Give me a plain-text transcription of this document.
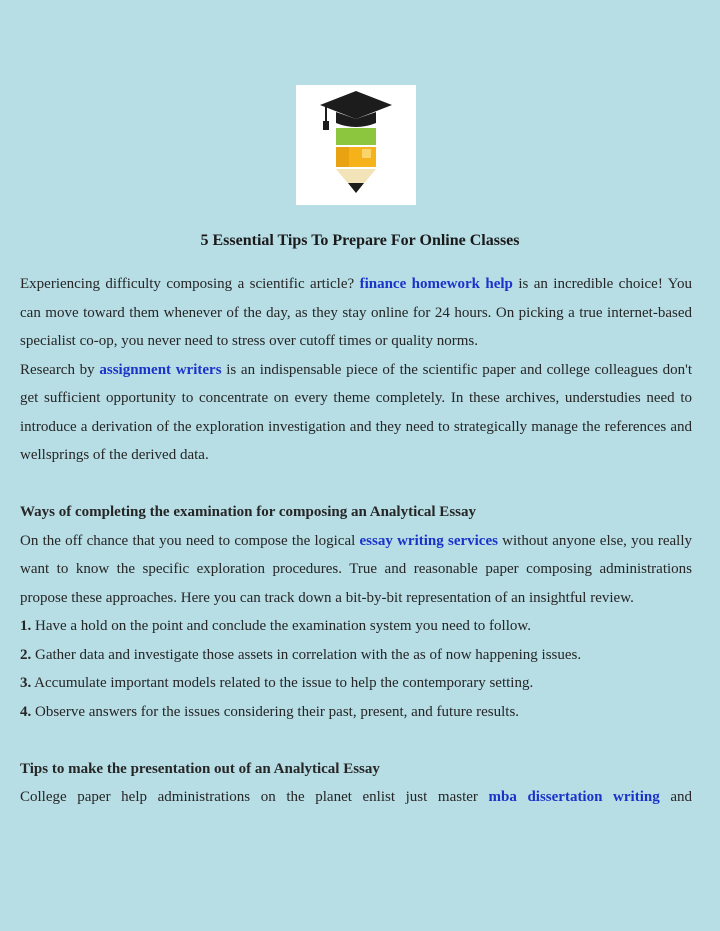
5 Essential Tips To Prepare For Online Classes

Experiencing difficulty composing a scientific article? finance homework help is an incredible choice! You can move toward them whenever of the day, as they stay online for 24 hours. On picking a true internet-based specialist co-op, you never need to stress over cutoff times or quality norms.

Research by assignment writers is an indispensable piece of the scientific paper and college colleagues don't get sufficient opportunity to concentrate on every theme completely. In these archives, understudies need to introduce a derivation of the exploration investigation and they need to strategically manage the references and wellsprings of the derived data.

Ways of completing the examination for composing an Analytical Essay

On the off chance that you need to compose the logical essay writing services without anyone else, you really want to know the specific exploration procedures. True and reasonable paper composing administrations propose these approaches. Here you can track down a bit-by-bit representation of an insightful review.

1. Have a hold on the point and conclude the examination system you need to follow.

2. Gather data and investigate those assets in correlation with the as of now happening issues.

3. Accumulate important models related to the issue to help the contemporary setting.

4. Observe answers for the issues considering their past, present, and future results.

Tips to make the presentation out of an Analytical Essay

College paper help administrations on the planet enlist just master mba dissertation writing and
